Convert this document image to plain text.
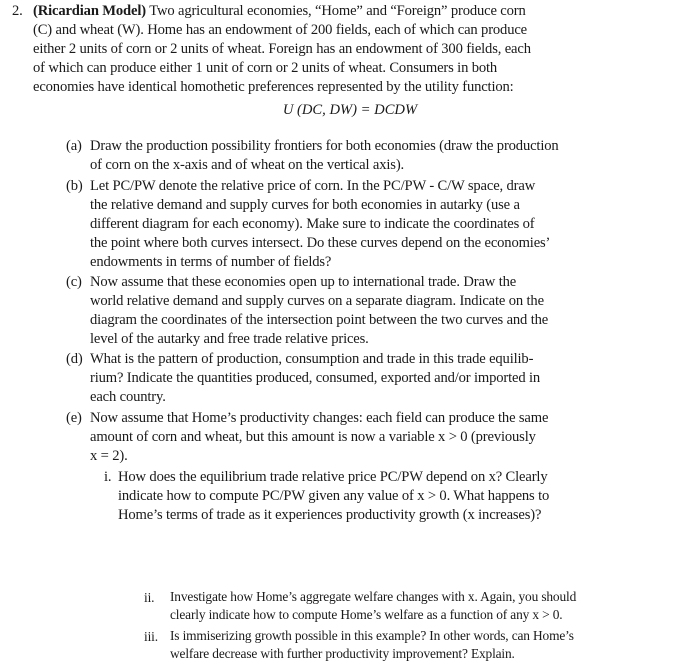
2. (Ricardian Model) Two agricultural economies, “Home” and “Foreign” produce corn
(C) and wheat (W). Home has an endowment of 200 fields, each of which can produce
either 2 units of corn or 2 units of wheat. Foreign has an endowment of 300 fields, each
of which can produce either 1 unit of corn or 2 units of wheat. Consumers in both
economies have identical homothetic preferences represented by the utility function:
U (DC, DW) = DCDW
(a) Draw the production possibility frontiers for both economies (draw the production
of corn on the x-axis and of wheat on the vertical axis).
(b) Let PC/PW denote the relative price of corn. In the PC/PW - C/W space, draw
the relative demand and supply curves for both economies in autarky (use a
different diagram for each economy). Make sure to indicate the coordinates of
the point where both curves intersect. Do these curves depend on the economies’
endowments in terms of number of fields?
(c) Now assume that these economies open up to international trade. Draw the
world relative demand and supply curves on a separate diagram. Indicate on the
diagram the coordinates of the intersection point between the two curves and the
level of the autarky and free trade relative prices.
(d) What is the pattern of production, consumption and trade in this trade equilib-
rium? Indicate the quantities produced, consumed, exported and/or imported in
each country.
(e) Now assume that Home’s productivity changes: each field can produce the same
amount of corn and wheat, but this amount is now a variable x > 0 (previously
x = 2).
i. How does the equilibrium trade relative price PC/PW depend on x? Clearly
indicate how to compute PC/PW given any value of x > 0. What happens to
Home’s terms of trade as it experiences productivity growth (x increases)?
ii. Investigate how Home’s aggregate welfare changes with x. Again, you should
clearly indicate how to compute Home’s welfare as a function of any x > 0.
iii. Is immiserizing growth possible in this example? In other words, can Home’s
welfare decrease with further productivity improvement? Explain.
